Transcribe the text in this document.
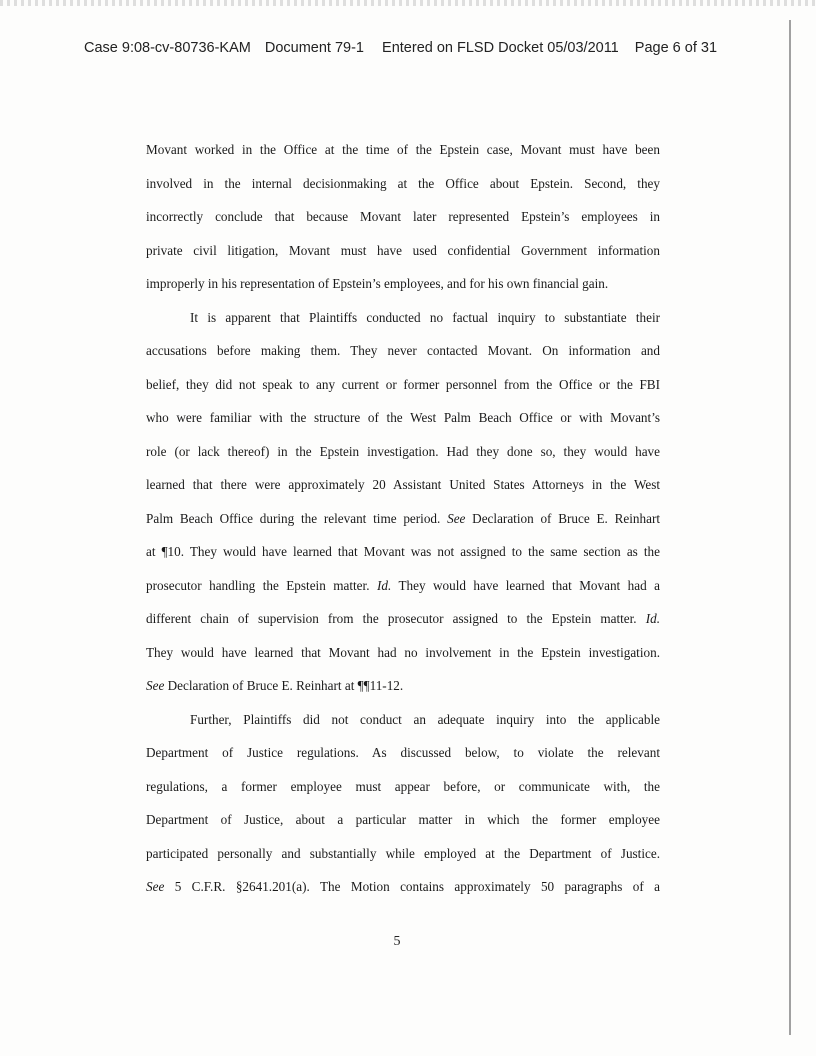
Case 9:08-cv-80736-KAM Document 79-1 Entered on FLSD Docket 05/03/2011 Page 6 of 31
Movant worked in the Office at the time of the Epstein case, Movant must have been
involved in the internal decisionmaking at the Office about Epstein. Second, they
incorrectly conclude that because Movant later represented Epstein’s employees in
private civil litigation, Movant must have used confidential Government information
improperly in his representation of Epstein’s employees, and for his own financial gain.
It is apparent that Plaintiffs conducted no factual inquiry to substantiate their
accusations before making them. They never contacted Movant. On information and
belief, they did not speak to any current or former personnel from the Office or the FBI
who were familiar with the structure of the West Palm Beach Office or with Movant’s
role (or lack thereof) in the Epstein investigation. Had they done so, they would have
learned that there were approximately 20 Assistant United States Attorneys in the West
Palm Beach Office during the relevant time period. See Declaration of Bruce E. Reinhart
at ¶10. They would have learned that Movant was not assigned to the same section as the
prosecutor handling the Epstein matter. Id. They would have learned that Movant had a
different chain of supervision from the prosecutor assigned to the Epstein matter. Id.
They would have learned that Movant had no involvement in the Epstein investigation.
See Declaration of Bruce E. Reinhart at ¶¶11-12.
Further, Plaintiffs did not conduct an adequate inquiry into the applicable
Department of Justice regulations. As discussed below, to violate the relevant
regulations, a former employee must appear before, or communicate with, the
Department of Justice, about a particular matter in which the former employee
participated personally and substantially while employed at the Department of Justice.
See 5 C.F.R. §2641.201(a). The Motion contains approximately 50 paragraphs of a
5
